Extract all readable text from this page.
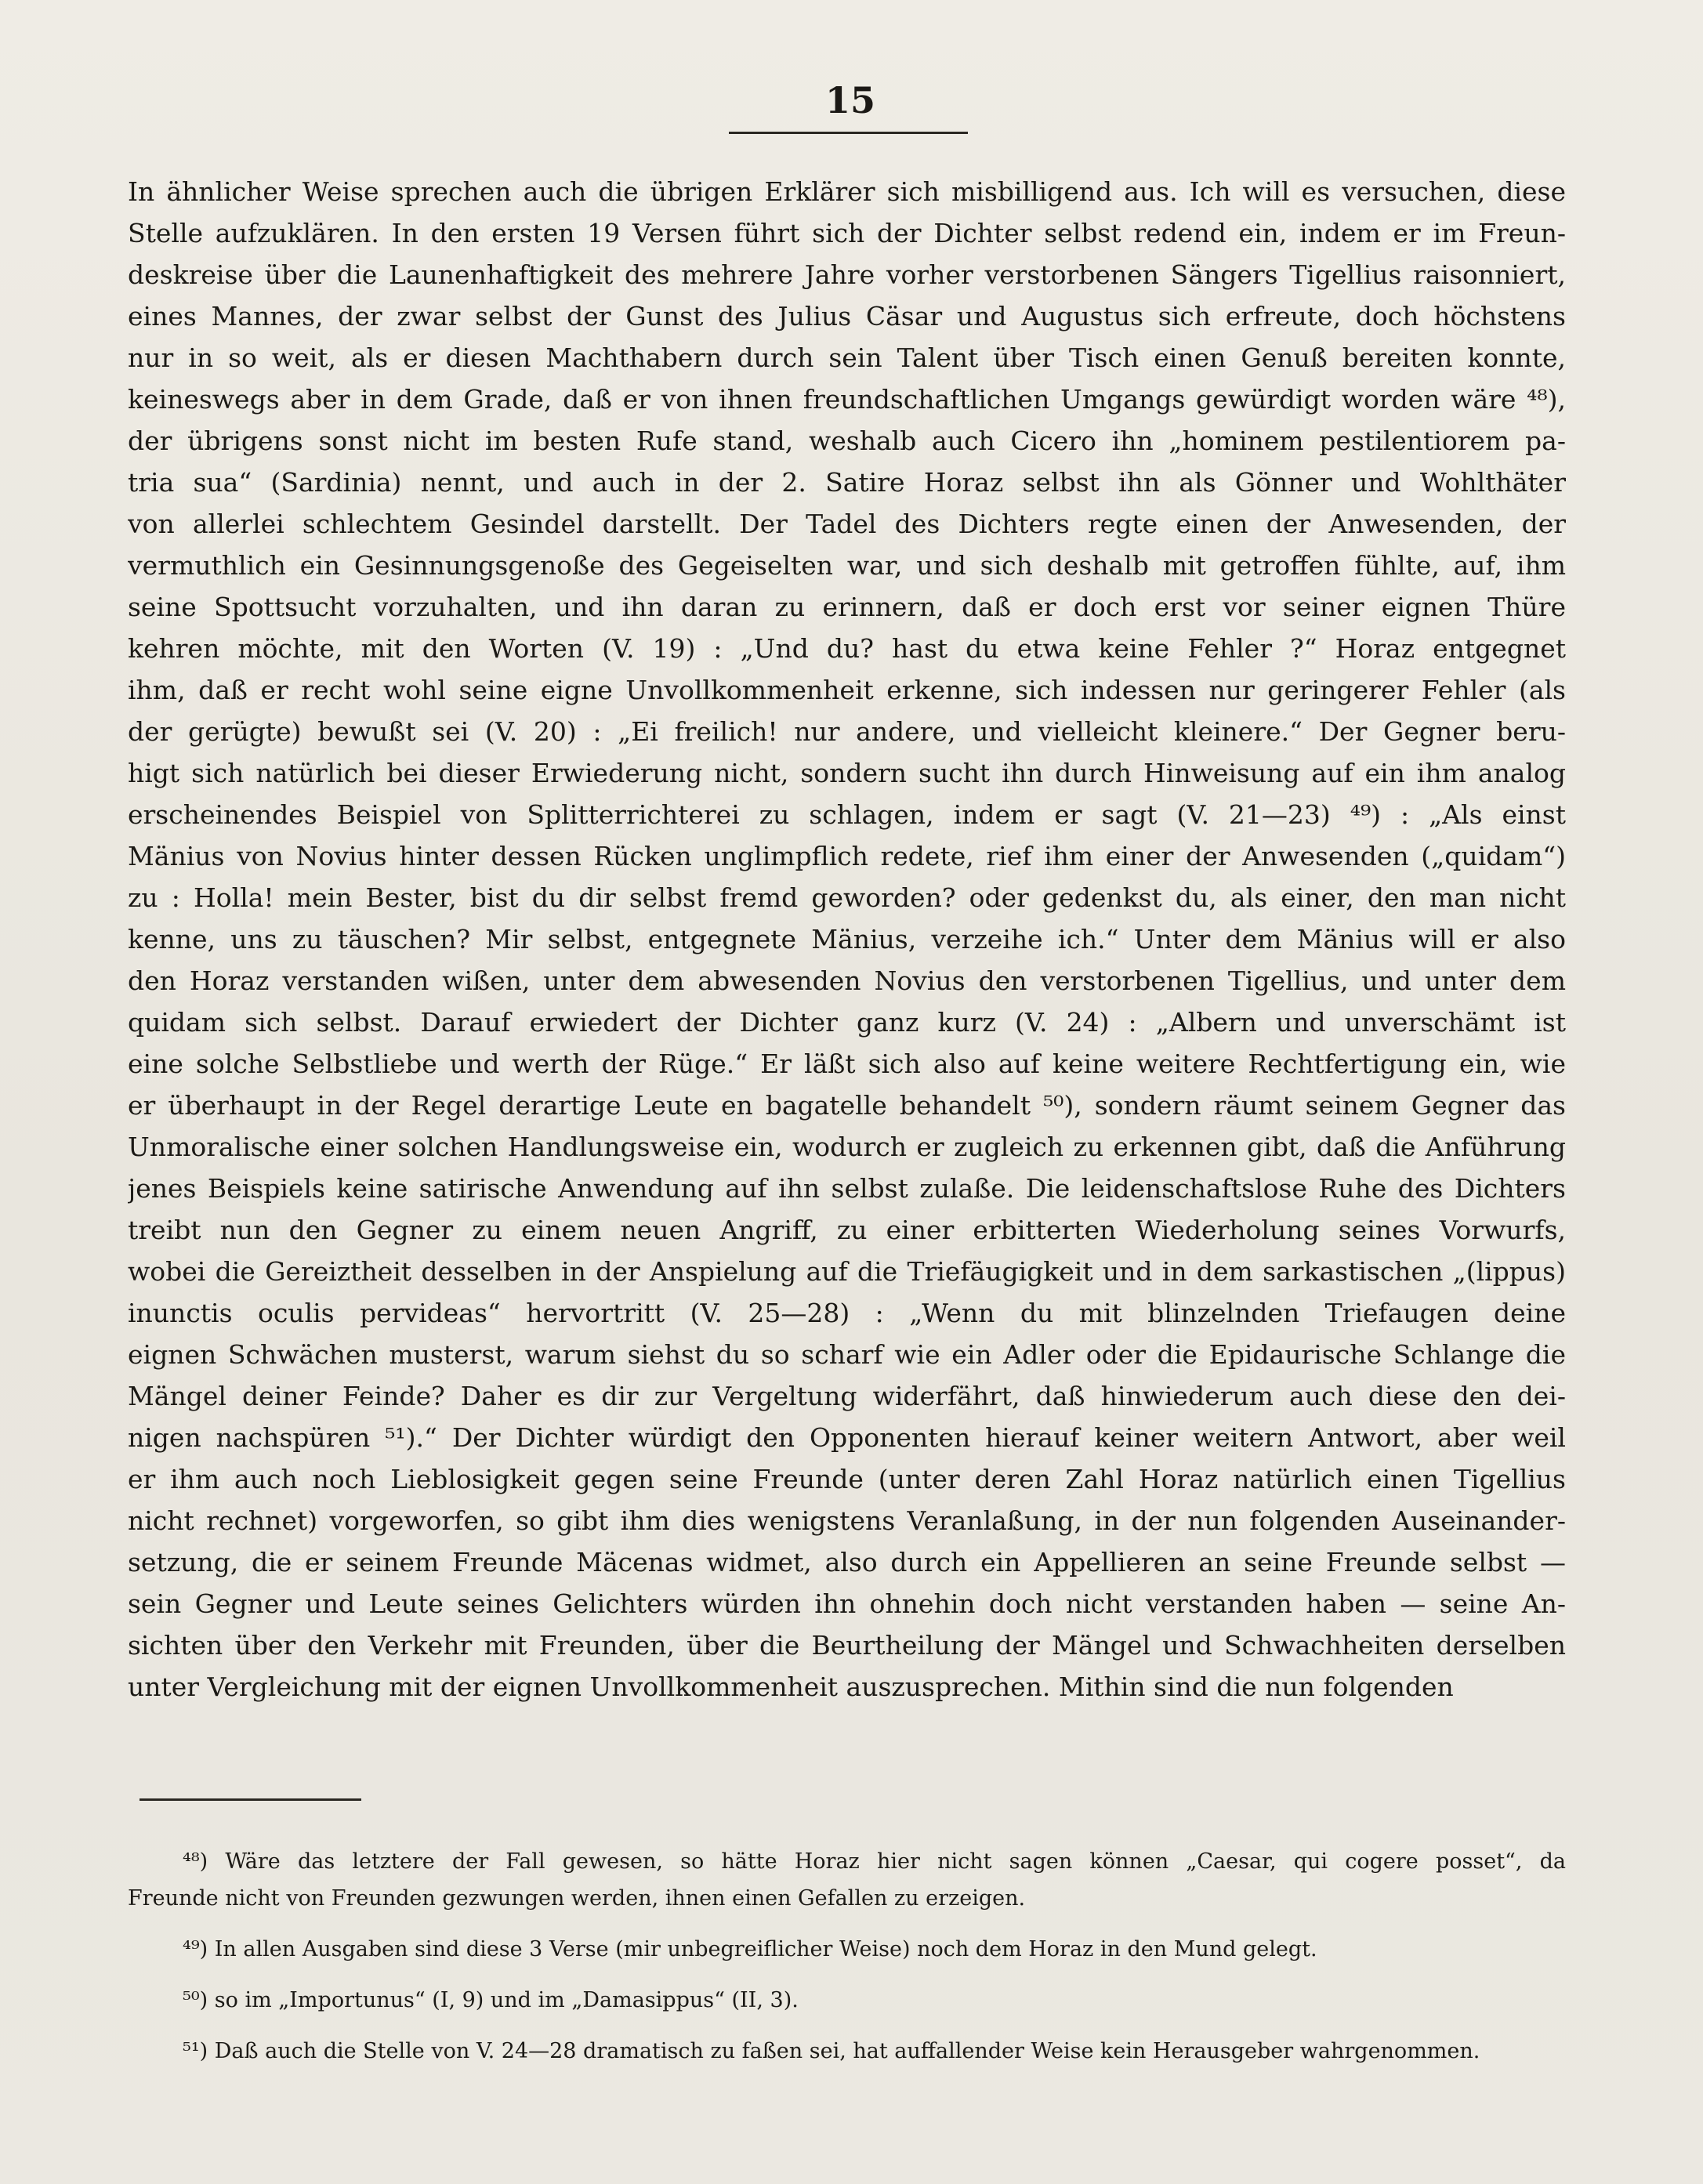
15
In ähnlicher Weise sprechen auch die übrigen Erklärer sich misbilligend aus. Ich will es versuchen, diese
Stelle aufzuklären. In den ersten 19 Versen führt sich der Dichter selbst redend ein, indem er im Freun-
deskreise über die Launenhaftigkeit des mehrere Jahre vorher verstorbenen Sängers Tigellius raisonniert,
eines Mannes, der zwar selbst der Gunst des Julius Cäsar und Augustus sich erfreute, doch höchstens
nur in so weit, als er diesen Machthabern durch sein Talent über Tisch einen Genuß bereiten konnte,
keineswegs aber in dem Grade, daß er von ihnen freundschaftlichen Umgangs gewürdigt worden wäre ⁴⁸),
der übrigens sonst nicht im besten Rufe stand, weshalb auch Cicero ihn „hominem pestilentiorem pa-
tria sua“ (Sardinia) nennt, und auch in der 2. Satire Horaz selbst ihn als Gönner und Wohlthäter
von allerlei schlechtem Gesindel darstellt. Der Tadel des Dichters regte einen der Anwesenden, der
vermuthlich ein Gesinnungsgenoße des Gegeiselten war, und sich deshalb mit getroffen fühlte, auf, ihm
seine Spottsucht vorzuhalten, und ihn daran zu erinnern, daß er doch erst vor seiner eignen Thüre
kehren möchte, mit den Worten (V. 19) : „Und du? hast du etwa keine Fehler ?“ Horaz entgegnet
ihm, daß er recht wohl seine eigne Unvollkommenheit erkenne, sich indessen nur geringerer Fehler (als
der gerügte) bewußt sei (V. 20) : „Ei freilich! nur andere, und vielleicht kleinere.“ Der Gegner beru-
higt sich natürlich bei dieser Erwiederung nicht, sondern sucht ihn durch Hinweisung auf ein ihm analog
erscheinendes Beispiel von Splitterrichterei zu schlagen, indem er sagt (V. 21—23) ⁴⁹) : „Als einst
Mänius von Novius hinter dessen Rücken unglimpflich redete, rief ihm einer der Anwesenden („quidam“)
zu : Holla! mein Bester, bist du dir selbst fremd geworden? oder gedenkst du, als einer, den man nicht
kenne, uns zu täuschen? Mir selbst, entgegnete Mänius, verzeihe ich.“ Unter dem Mänius will er also
den Horaz verstanden wißen, unter dem abwesenden Novius den verstorbenen Tigellius, und unter dem
quidam sich selbst. Darauf erwiedert der Dichter ganz kurz (V. 24) : „Albern und unverschämt ist
eine solche Selbstliebe und werth der Rüge.“ Er läßt sich also auf keine weitere Rechtfertigung ein, wie
er überhaupt in der Regel derartige Leute en bagatelle behandelt ⁵⁰), sondern räumt seinem Gegner das
Unmoralische einer solchen Handlungsweise ein, wodurch er zugleich zu erkennen gibt, daß die Anführung
jenes Beispiels keine satirische Anwendung auf ihn selbst zulaße. Die leidenschaftslose Ruhe des Dichters
treibt nun den Gegner zu einem neuen Angriff, zu einer erbitterten Wiederholung seines Vorwurfs,
wobei die Gereiztheit desselben in der Anspielung auf die Triefäugigkeit und in dem sarkastischen „(lippus)
inunctis oculis pervideas“ hervortritt (V. 25—28) : „Wenn du mit blinzelnden Triefaugen deine
eignen Schwächen musterst, warum siehst du so scharf wie ein Adler oder die Epidaurische Schlange die
Mängel deiner Feinde? Daher es dir zur Vergeltung widerfährt, daß hinwiederum auch diese den dei-
nigen nachspüren ⁵¹).“ Der Dichter würdigt den Opponenten hierauf keiner weitern Antwort, aber weil
er ihm auch noch Lieblosigkeit gegen seine Freunde (unter deren Zahl Horaz natürlich einen Tigellius
nicht rechnet) vorgeworfen, so gibt ihm dies wenigstens Veranlaßung, in der nun folgenden Auseinander-
setzung, die er seinem Freunde Mäcenas widmet, also durch ein Appellieren an seine Freunde selbst —
sein Gegner und Leute seines Gelichters würden ihn ohnehin doch nicht verstanden haben — seine An-
sichten über den Verkehr mit Freunden, über die Beurtheilung der Mängel und Schwachheiten derselben
unter Vergleichung mit der eignen Unvollkommenheit auszusprechen. Mithin sind die nun folgenden
⁴⁸) Wäre das letztere der Fall gewesen, so hätte Horaz hier nicht sagen können „Caesar, qui cogere posset“, da
Freunde nicht von Freunden gezwungen werden, ihnen einen Gefallen zu erzeigen.
⁴⁹) In allen Ausgaben sind diese 3 Verse (mir unbegreiflicher Weise) noch dem Horaz in den Mund gelegt.
⁵⁰) so im „Importunus“ (I, 9) und im „Damasippus“ (II, 3).
⁵¹) Daß auch die Stelle von V. 24—28 dramatisch zu faßen sei, hat auffallender Weise kein Herausgeber wahrgenommen.
